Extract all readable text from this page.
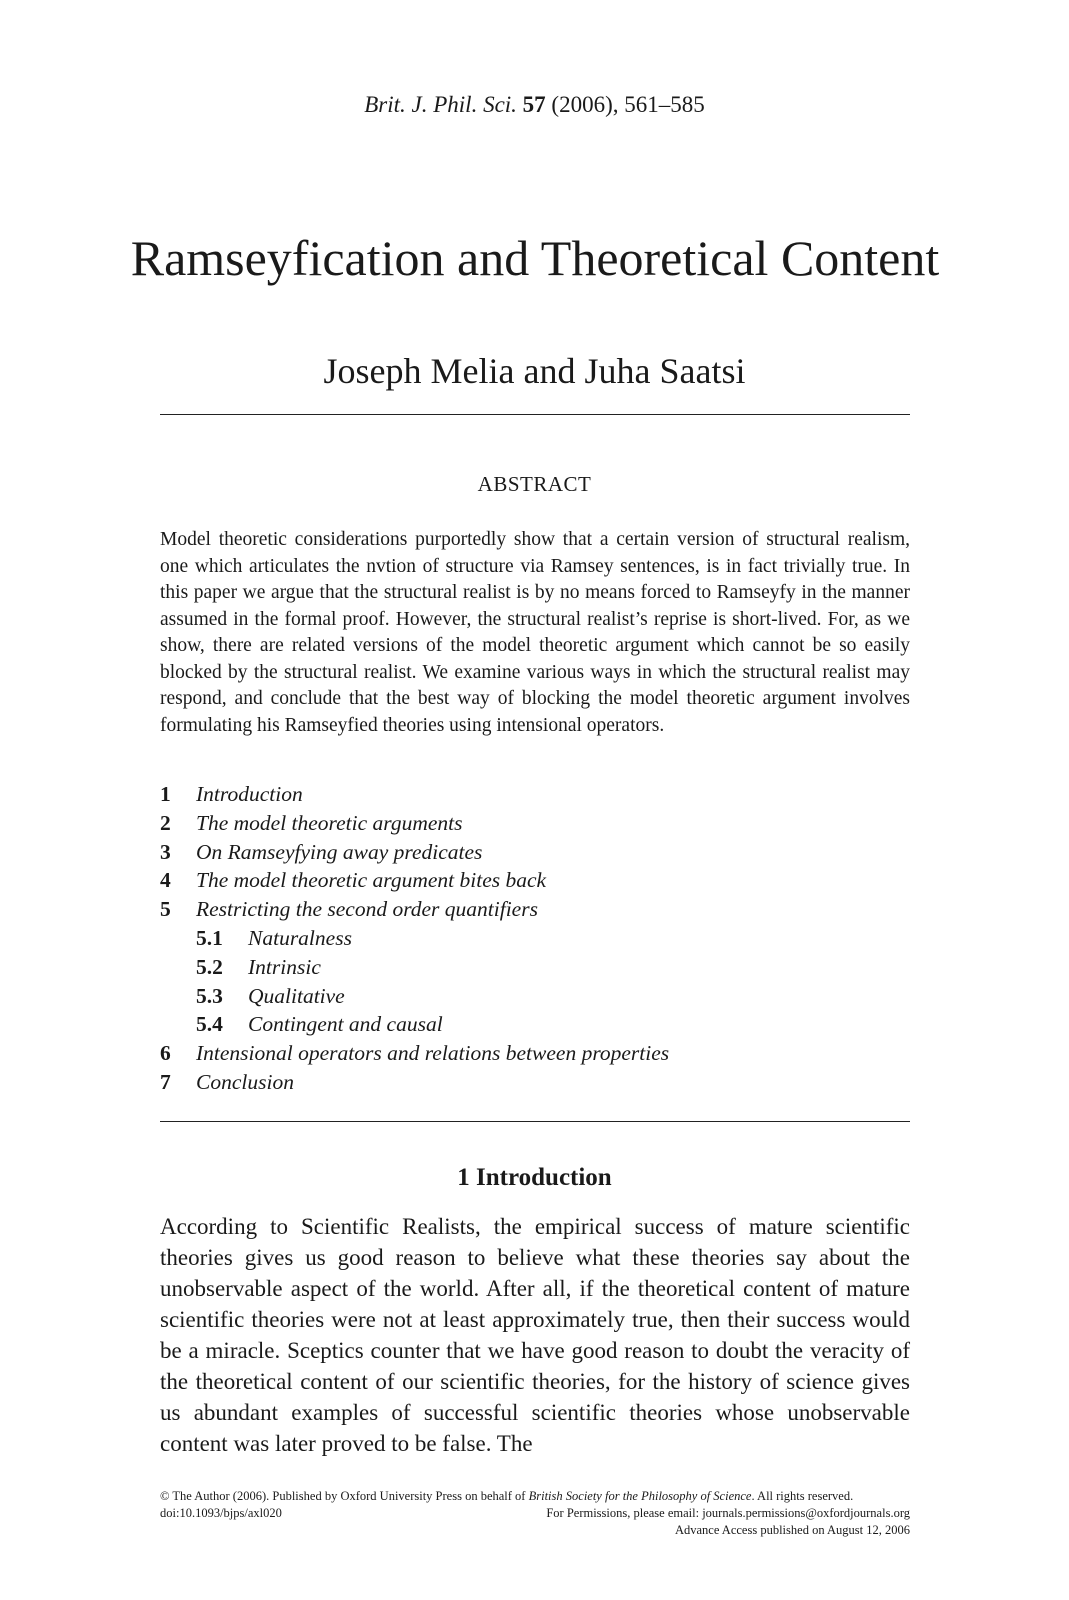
Brit. J. Phil. Sci. 57 (2006), 561–585
Ramseyfication and Theoretical Content
Joseph Melia and Juha Saatsi
ABSTRACT

Model theoretic considerations purportedly show that a certain version of structural realism, one which articulates the nvtion of structure via Ramsey sentences, is in fact trivially true. In this paper we argue that the structural realist is by no means forced to Ramseyfy in the manner assumed in the formal proof. However, the structural realist’s reprise is short-lived. For, as we show, there are related versions of the model theoretic argument which cannot be so easily blocked by the structural realist. We examine various ways in which the structural realist may respond, and conclude that the best way of blocking the model theoretic argument involves formulating his Ramseyfied theories using intensional operators.

1 Introduction
2 The model theoretic arguments
3 On Ramseyfying away predicates
4 The model theoretic argument bites back
5 Restricting the second order quantifiers
5.1 Naturalness
5.2 Intrinsic
5.3 Qualitative
5.4 Contingent and causal
6 Intensional operators and relations between properties
7 Conclusion
1 Introduction

According to Scientific Realists, the empirical success of mature scientific theories gives us good reason to believe what these theories say about the unobservable aspect of the world. After all, if the theoretical content of mature scientific theories were not at least approximately true, then their success would be a miracle. Sceptics counter that we have good reason to doubt the veracity of the theoretical content of our scientific theories, for the history of science gives us abundant examples of successful scientific theories whose unobservable content was later proved to be false. The

© The Author (2006). Published by Oxford University Press on behalf of British Society for the Philosophy of Science. All rights reserved.
doi:10.1093/bjps/axl020	For Permissions, please email: journals.permissions@oxfordjournals.org
Advance Access published on August 12, 2006
